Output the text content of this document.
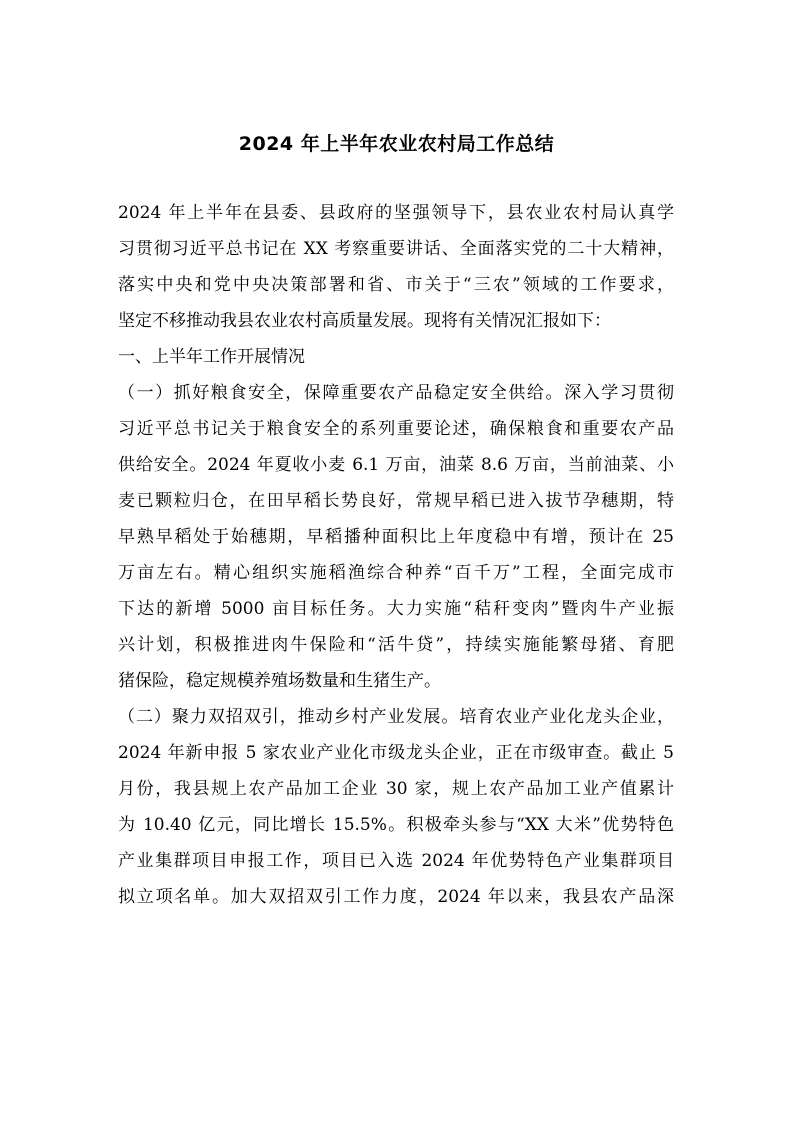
2024 年上半年农业农村局工作总结
2024 年上半年在县委、县政府的坚强领导下，县农业农村局认真学
习贯彻习近平总书记在 XX 考察重要讲话、全面落实党的二十大精神，
落实中央和党中央决策部署和省、市关于“三农”领域的工作要求，
坚定不移推动我县农业农村高质量发展。现将有关情况汇报如下：
一、上半年工作开展情况
（一）抓好粮食安全，保障重要农产品稳定安全供给。深入学习贯彻
习近平总书记关于粮食安全的系列重要论述，确保粮食和重要农产品
供给安全。2024 年夏收小麦 6.1 万亩，油菜 8.6 万亩，当前油菜、小
麦已颗粒归仓，在田早稻长势良好，常规早稻已进入拔节孕穗期，特
早熟早稻处于始穗期，早稻播种面积比上年度稳中有增，预计在 25
万亩左右。精心组织实施稻渔综合种养“百千万”工程，全面完成市
下达的新增 5000 亩目标任务。大力实施“秸秆变肉”暨肉牛产业振
兴计划，积极推进肉牛保险和“活牛贷”，持续实施能繁母猪、育肥
猪保险，稳定规模养殖场数量和生猪生产。
（二）聚力双招双引，推动乡村产业发展。培育农业产业化龙头企业，
2024 年新申报 5 家农业产业化市级龙头企业，正在市级审查。截止 5
月份，我县规上农产品加工企业 30 家，规上农产品加工业产值累计
为 10.40 亿元，同比增长 15.5%。积极牵头参与“XX 大米”优势特色
产业集群项目申报工作，项目已入选 2024 年优势特色产业集群项目
拟立项名单。加大双招双引工作力度，2024 年以来，我县农产品深
